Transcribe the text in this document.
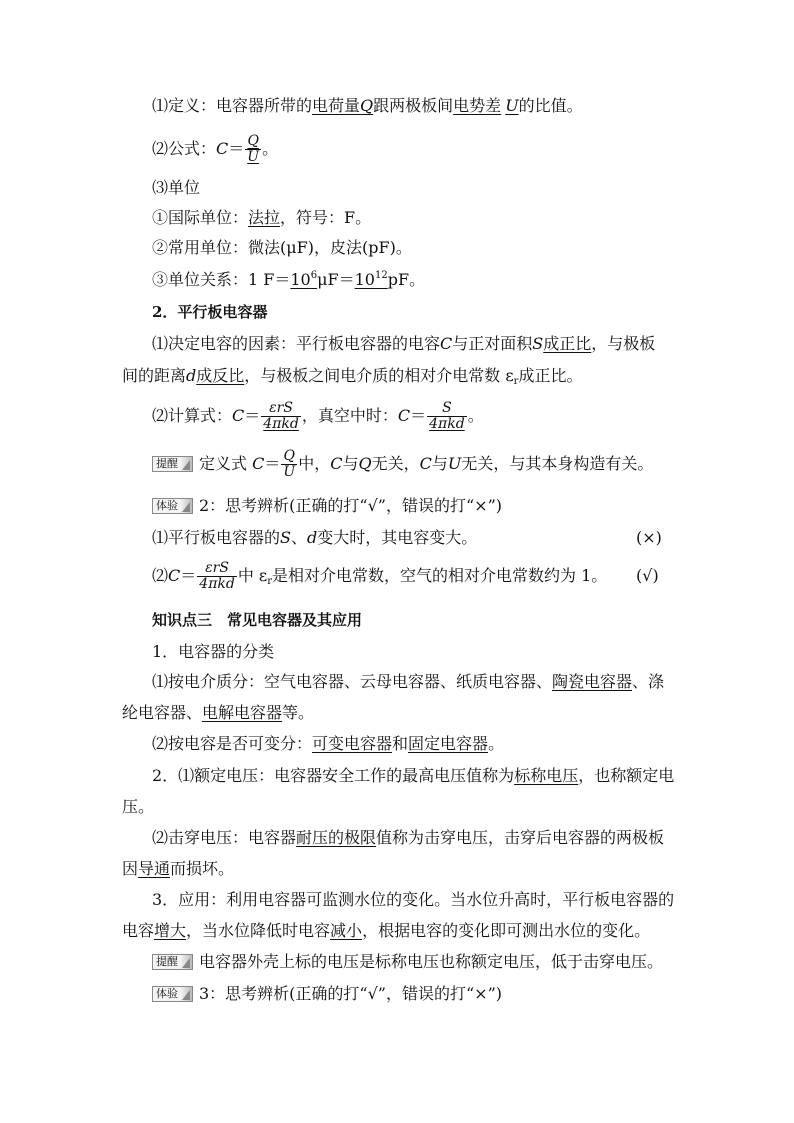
⑴定义：电容器所带的电荷量Q跟两极板间电势差 U的比值。
⑵公式：$C= \frac{Q}{U}$ 。
⑶单位
①国际单位：法拉，符号：F。
②常用单位：微法(μF)，皮法(pF)。
③单位关系：1 $F=10^6\mu F=10^{12}pF$。
2．平行板电容器
⑴决定电容的因素：平行板电容器的电容C与正对面积S成正比，与极板
间的距离d成反比，与极板之间电介质的相对介电常数 $\varepsilon_r$成正比。
⑵计算式：$C= \frac{\text{εrS}}{\text{4πkd}}$ ，真空中时：$C= \frac{S}{\text{4πkd}}$ 。
提醒 定义式 $C= \frac{Q}{U}$ 中，C与Q无关，C与U无关，与其本身构造有关。
体验 2：思考辨析(正确的打“√”，错误的打“×”)
⑴平行板电容器的S、d变大时，其电容变大。	(×)
⑵C＝ $\frac{\text{εrS}}{\text{4πkd}}$ 中 $\varepsilon_r$是相对介电常数，空气的相对介电常数约为 1。 (√)
知识点三　常见电容器及其应用
1．电容器的分类
⑴按电介质分：空气电容器、云母电容器、纸质电容器、陶瓷电容器、涤
纶电容器、电解电容器等。
⑵按电容是否可变分：可变电容器和固定电容器。
2．⑴额定电压：电容器安全工作的最高电压值称为标称电压，也称额定电
压。
⑵击穿电压：电容器耐压的极限值称为击穿电压，击穿后电容器的两极板
因导通而损坏。
3．应用：利用电容器可监测水位的变化。当水位升高时，平行板电容器的
电容增大，当水位降低时电容减小，根据电容的变化即可测出水位的变化。
提醒 电容器外壳上标的电压是标称电压也称额定电压，低于击穿电压。
体验 3：思考辨析(正确的打“√”，错误的打“×”)
